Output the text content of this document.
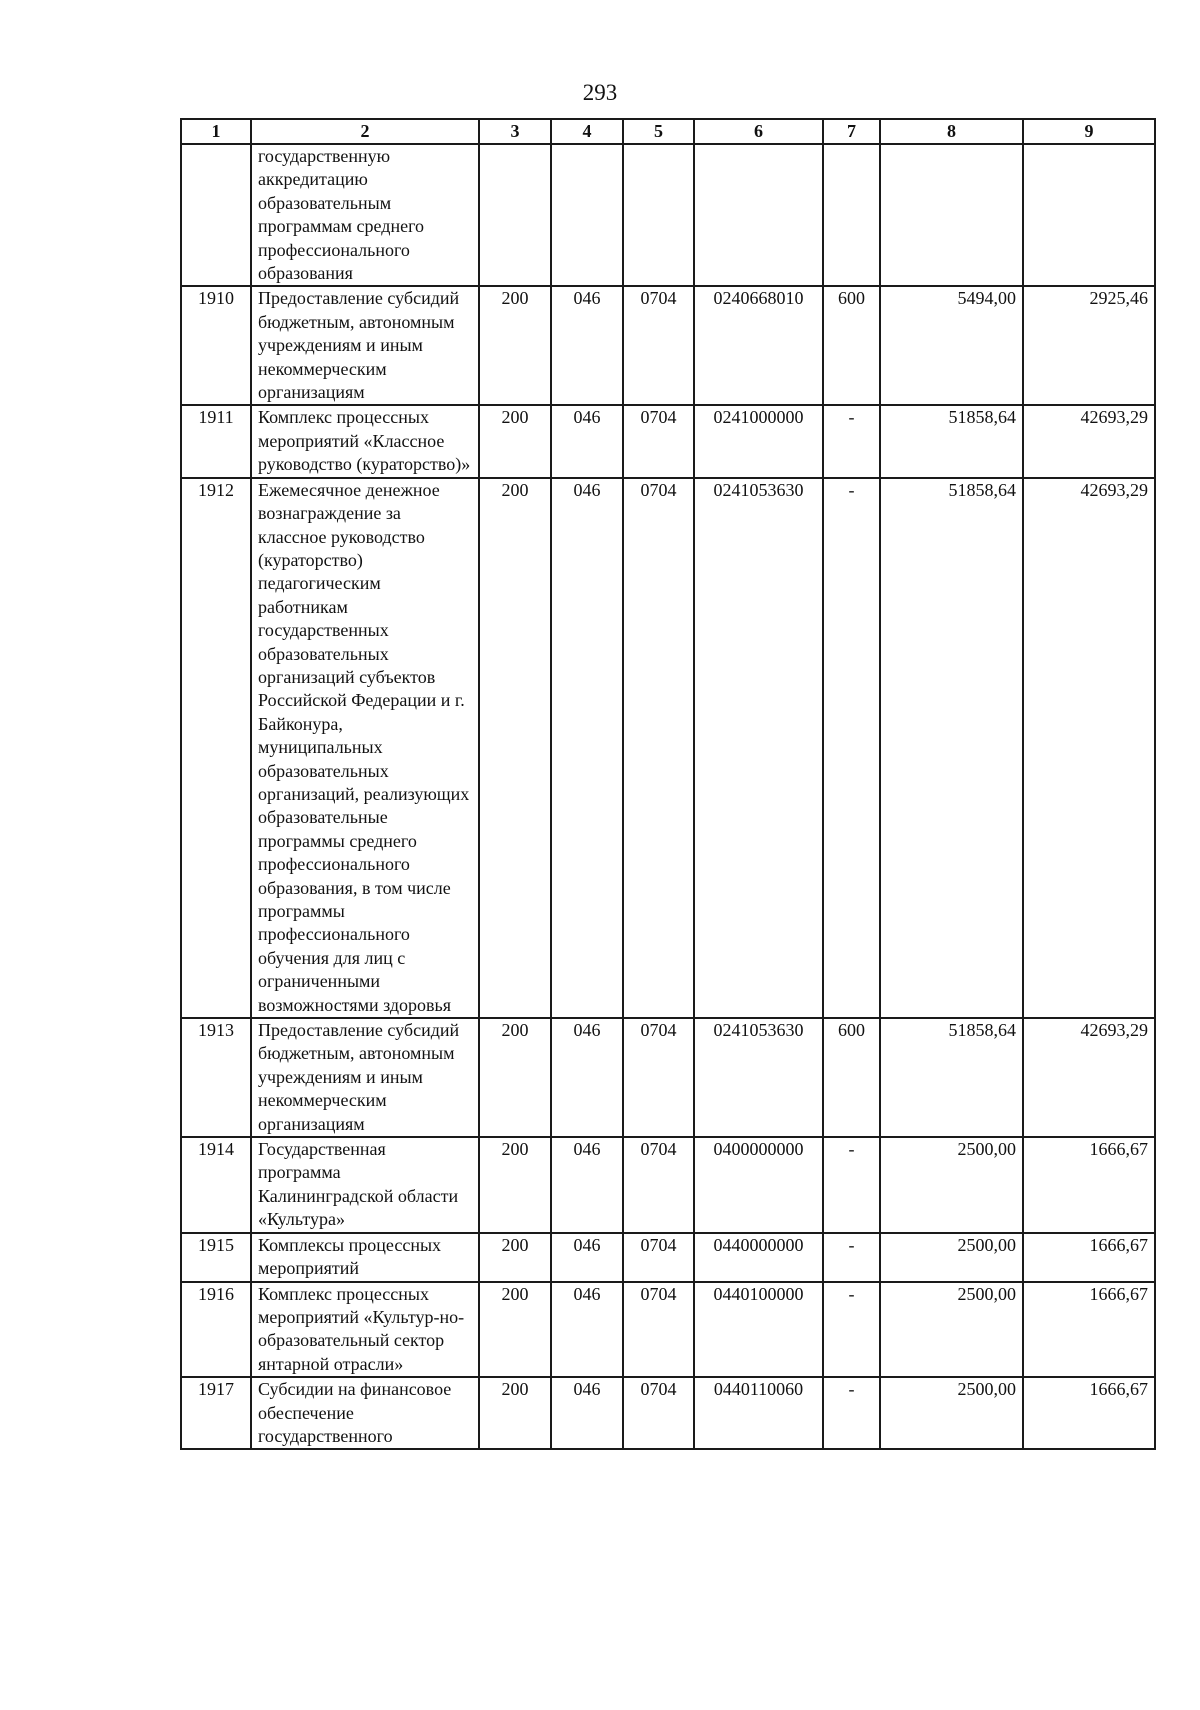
293
1	2	3	4	5	6	7	8	9
	государственную аккредитацию образовательным программам среднего профессионального образования							
1910	Предоставление субсидий бюджетным, автономным учреждениям и иным некоммерческим организациям	200	046	0704	0240668010	600	5494,00	2925,46
1911	Комплекс процессных мероприятий «Классное руководство (кураторство)»	200	046	0704	0241000000	-	51858,64	42693,29
1912	Ежемесячное денежное вознаграждение за классное руководство (кураторство) педагогическим работникам государственных образовательных организаций субъектов Российской Федерации и г. Байконура, муниципальных образовательных организаций, реализующих образовательные программы среднего профессионального образования, в том числе программы профессионального обучения для лиц с ограниченными возможностями здоровья	200	046	0704	0241053630	-	51858,64	42693,29
1913	Предоставление субсидий бюджетным, автономным учреждениям и иным некоммерческим организациям	200	046	0704	0241053630	600	51858,64	42693,29
1914	Государственная программа Калининградской области «Культура»	200	046	0704	0400000000	-	2500,00	1666,67
1915	Комплексы процессных мероприятий	200	046	0704	0440000000	-	2500,00	1666,67
1916	Комплекс процессных мероприятий «Культур-но-образовательный сектор янтарной отрасли»	200	046	0704	0440100000	-	2500,00	1666,67
1917	Субсидии на финансовое обеспечение государственного	200	046	0704	0440110060	-	2500,00	1666,67
